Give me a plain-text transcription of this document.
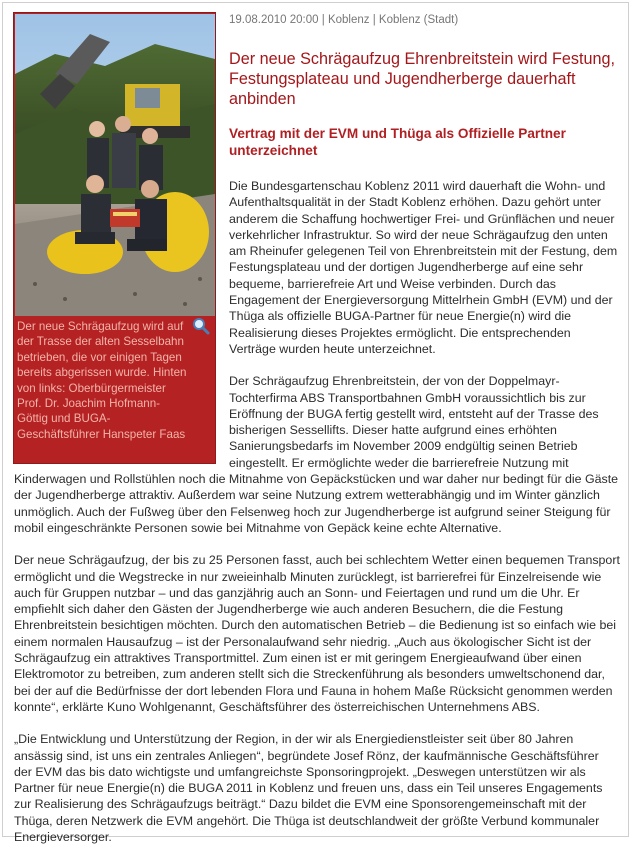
Der neue Schrägaufzug wird auf der Trasse der alten Sesselbahn betrieben, die vor einigen Tagen bereits abgerissen wurde. Hinten von links: Oberbürgermeister Prof. Dr. Joachim Hofmann-Göttig und BUGA-Geschäftsführer Hanspeter Faas
19.08.2010 20:00 | Koblenz | Koblenz (Stadt)
Der neue Schrägaufzug Ehrenbreitstein wird Festung, Festungsplateau und Jugendherberge dauerhaft anbinden
Vertrag mit der EVM und Thüga als Offizielle Partner unterzeichnet

Die Bundesgartenschau Koblenz 2011 wird dauerhaft die Wohn- und Aufenthaltsqualität in der Stadt Koblenz erhöhen. Dazu gehört unter anderem die Schaffung hochwertiger Frei- und Grünflächen und neuer verkehrlicher Infrastruktur. So wird der neue Schrägaufzug den unten am Rheinufer gelegenen Teil von Ehrenbreitstein mit der Festung, dem Festungsplateau und der dortigen Jugendherberge auf eine sehr bequeme, barrierefreie Art und Weise verbinden. Durch das Engagement der Energieversorgung Mittelrhein GmbH (EVM) und der Thüga als offizielle BUGA-Partner für neue Energie(n) wird die Realisierung dieses Projektes ermöglicht. Die entsprechenden Verträge wurden heute unterzeichnet.

Der Schrägaufzug Ehrenbreitstein, der von der Doppelmayr-Tochterfirma ABS Transportbahnen GmbH voraussichtlich bis zur Eröffnung der BUGA fertig gestellt wird, entsteht auf der Trasse des bisherigen Sessellifts. Dieser hatte aufgrund eines erhöhten Sanierungsbedarfs im November 2009 endgültig seinen Betrieb eingestellt. Er ermöglichte weder die barrierefreie Nutzung mit Kinderwagen und Rollstühlen noch die Mitnahme von Gepäckstücken und war daher nur bedingt für die Gäste der Jugendherberge attraktiv. Außerdem war seine Nutzung extrem wetterabhängig und im Winter gänzlich unmöglich. Auch der Fußweg über den Felsenweg hoch zur Jugendherberge ist aufgrund seiner Steigung für mobil eingeschränkte Personen sowie bei Mitnahme von Gepäck keine echte Alternative.

Der neue Schrägaufzug, der bis zu 25 Personen fasst, auch bei schlechtem Wetter einen bequemen Transport ermöglicht und die Wegstrecke in nur zweieinhalb Minuten zurücklegt, ist barrierefrei für Einzelreisende wie auch für Gruppen nutzbar – und das ganzjährig auch an Sonn- und Feiertagen und rund um die Uhr. Er empfiehlt sich daher den Gästen der Jugendherberge wie auch anderen Besuchern, die die Festung Ehrenbreitstein besichtigen möchten. Durch den automatischen Betrieb – die Bedienung ist so einfach wie bei einem normalen Hausaufzug – ist der Personalaufwand sehr niedrig. „Auch aus ökologischer Sicht ist der Schrägaufzug ein attraktives Transportmittel. Zum einen ist er mit geringem Energieaufwand über einen Elektromotor zu betreiben, zum anderen stellt sich die Streckenführung als besonders umweltschonend dar, bei der auf die Bedürfnisse der dort lebenden Flora und Fauna in hohem Maße Rücksicht genommen werden konnte“, erklärte Kuno Wohlgenannt, Geschäftsführer des österreichischen Unternehmens ABS.

„Die Entwicklung und Unterstützung der Region, in der wir als Energiedienstleister seit über 80 Jahren ansässig sind, ist uns ein zentrales Anliegen“, begründete Josef Rönz, der kaufmännische Geschäftsführer der EVM das bis dato wichtigste und umfangreichste Sponsoringprojekt. „Deswegen unterstützen wir als Partner für neue Energie(n) die BUGA 2011 in Koblenz und freuen uns, dass ein Teil unseres Engagements zur Realisierung des Schrägaufzugs beiträgt.“ Dazu bildet die EVM eine Sponsorengemeinschaft mit der Thüga, deren Netzwerk die EVM angehört. Die Thüga ist deutschlandweit der größte Verbund kommunaler Energieversorger.
